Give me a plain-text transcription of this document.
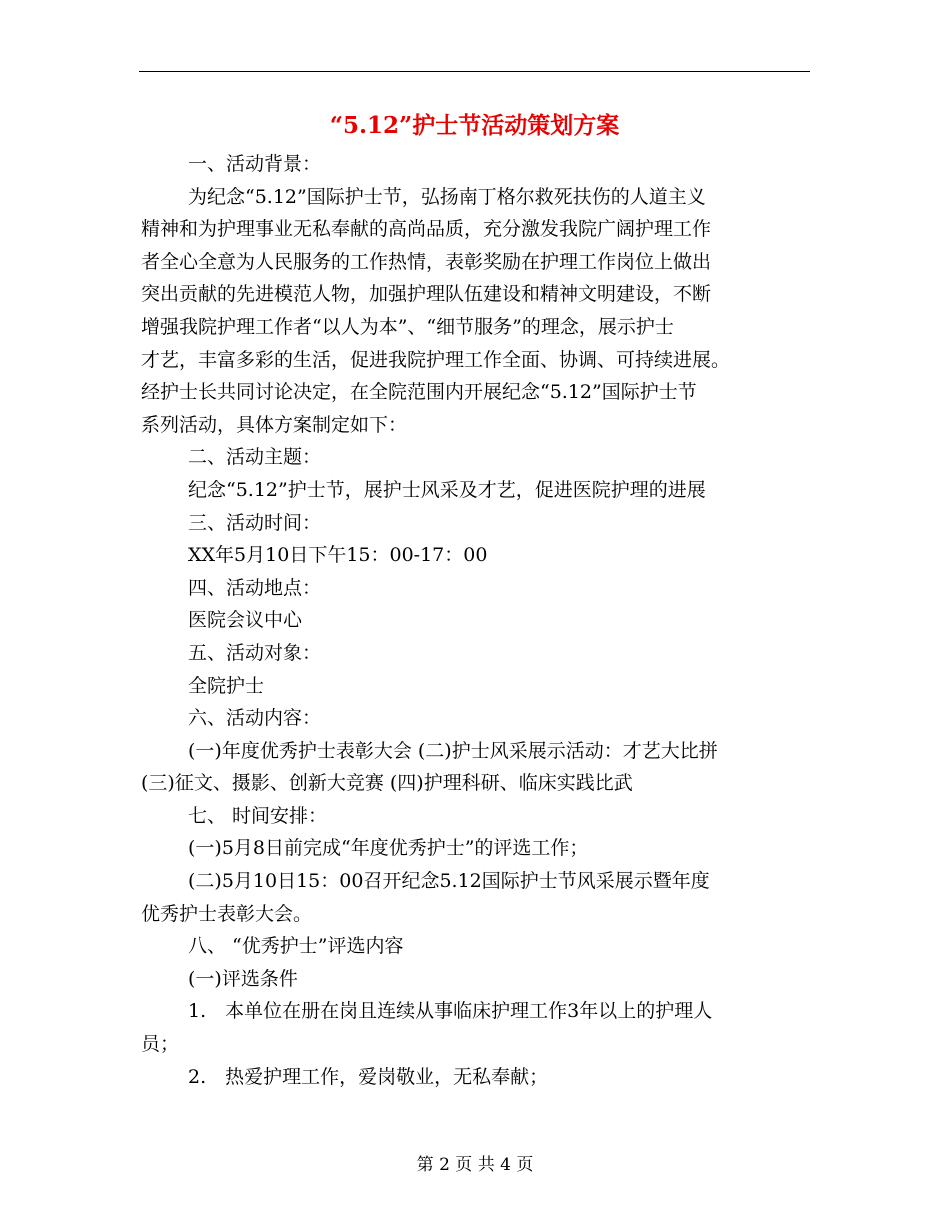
“5.12”护士节活动策划方案
一、活动背景：
为纪念“5.12”国际护士节，弘扬南丁格尔救死扶伤的人道主义
精神和为护理事业无私奉献的高尚品质，充分激发我院广阔护理工作
者全心全意为人民服务的工作热情，表彰奖励在护理工作岗位上做出
突出贡献的先进模范人物，加强护理队伍建设和精神文明建设，不断
增强我院护理工作者“以人为本”、“细节服务”的理念，展示护士
才艺，丰富多彩的生活，促进我院护理工作全面、协调、可持续进展。
经护士长共同讨论决定，在全院范围内开展纪念“5.12”国际护士节
系列活动，具体方案制定如下：
二、活动主题：
纪念“5.12”护士节，展护士风采及才艺，促进医院护理的进展
三、活动时间：
XX年5月10日下午15：00-17：00
四、活动地点：
医院会议中心
五、活动对象：
全院护士
六、活动内容：
(一)年度优秀护士表彰大会 (二)护士风采展示活动：才艺大比拼
(三)征文、摄影、创新大竞赛 (四)护理科研、临床实践比武
七、 时间安排：
(一)5月8日前完成“年度优秀护士”的评选工作；
(二)5月10日15：00召开纪念5.12国际护士节风采展示暨年度
优秀护士表彰大会。
八、 “优秀护士”评选内容
(一)评选条件
1.　本单位在册在岗且连续从事临床护理工作3年以上的护理人
员；
2.　热爱护理工作，爱岗敬业，无私奉献；
第 2 页 共 4 页
